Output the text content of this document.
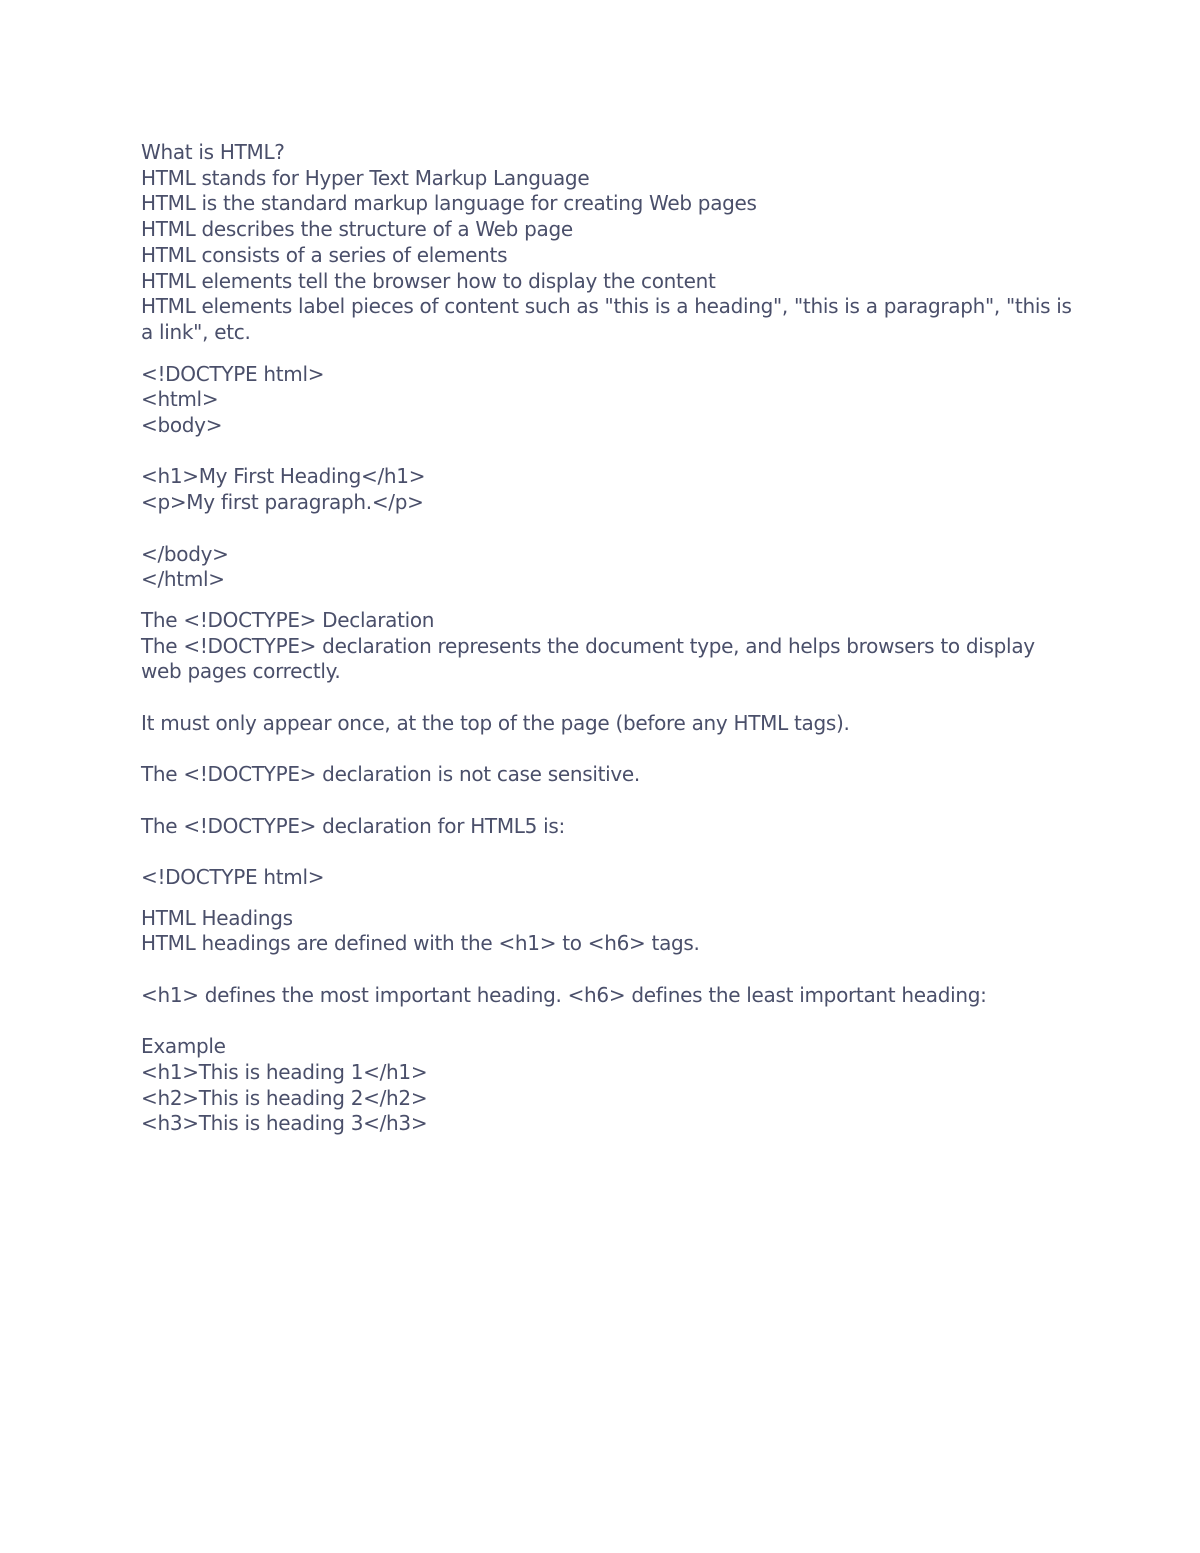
What is HTML?
HTML stands for Hyper Text Markup Language
HTML is the standard markup language for creating Web pages
HTML describes the structure of a Web page
HTML consists of a series of elements
HTML elements tell the browser how to display the content
HTML elements label pieces of content such as "this is a heading", "this is a paragraph", "this is a link", etc.
<!DOCTYPE html>
<html>
<body>
<h1>My First Heading</h1>
<p>My first paragraph.</p>
</body>
</html>
The <!DOCTYPE> Declaration
The <!DOCTYPE> declaration represents the document type, and helps browsers to display web pages correctly.
It must only appear once, at the top of the page (before any HTML tags).
The <!DOCTYPE> declaration is not case sensitive.
The <!DOCTYPE> declaration for HTML5 is:
<!DOCTYPE html>
HTML Headings
HTML headings are defined with the <h1> to <h6> tags.
<h1> defines the most important heading. <h6> defines the least important heading:
Example
<h1>This is heading 1</h1>
<h2>This is heading 2</h2>
<h3>This is heading 3</h3>
